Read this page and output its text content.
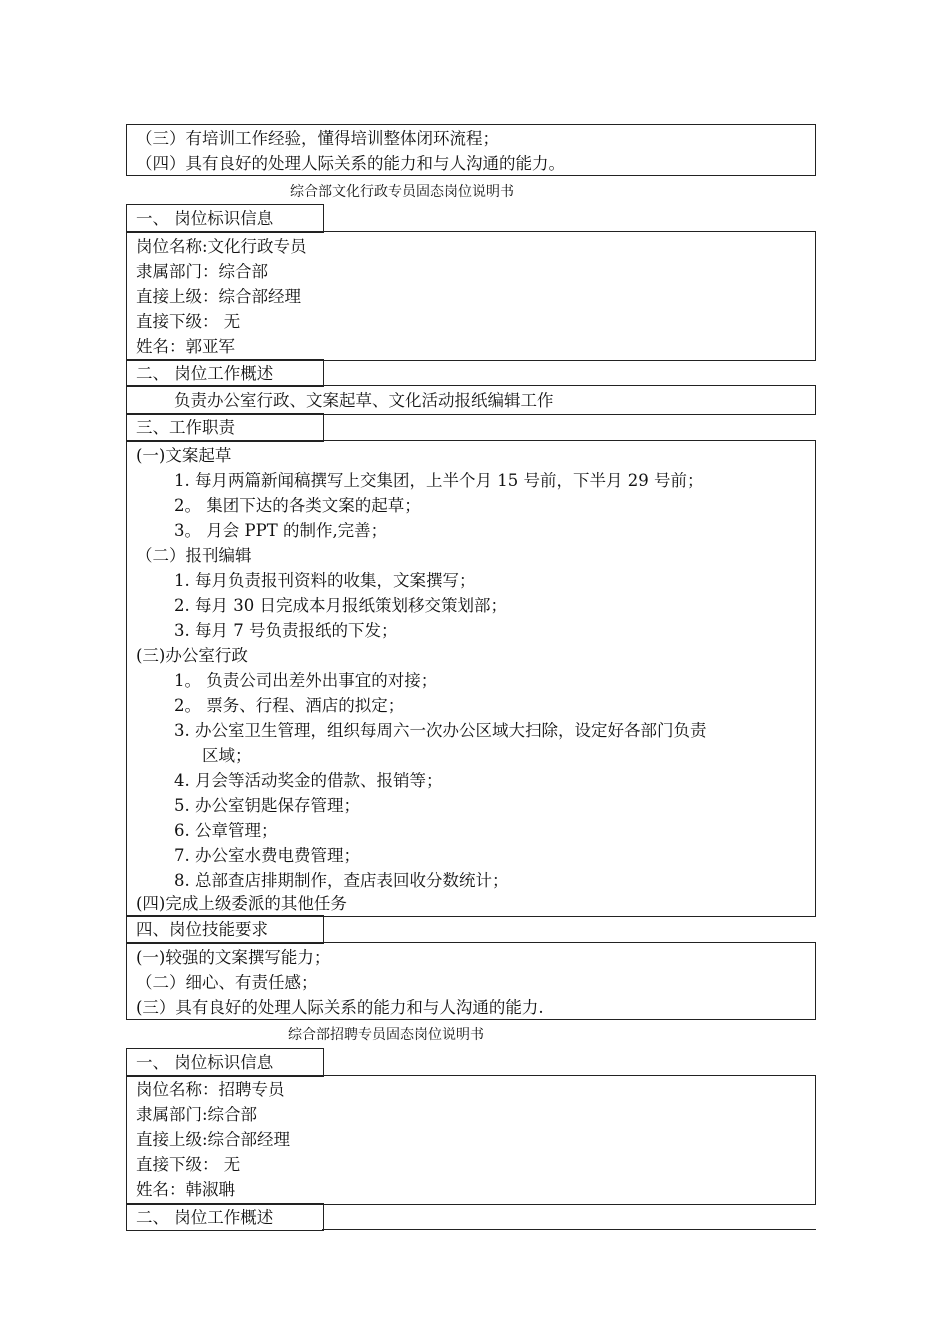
（三）有培训工作经验，懂得培训整体闭环流程；
（四）具有良好的处理人际关系的能力和与人沟通的能力。
综合部文化行政专员固态岗位说明书
一、 岗位标识信息
岗位名称:文化行政专员
隶属部门：综合部
直接上级：综合部经理
直接下级： 无
姓名：郭亚军
二、 岗位工作概述
负责办公室行政、文案起草、文化活动报纸编辑工作
三、工作职责
(一)文案起草
1. 每月两篇新闻稿撰写上交集团，上半个月 15 号前，下半月 29 号前；
2。 集团下达的各类文案的起草；
3。 月会 PPT 的制作,完善；
（二）报刊编辑
1. 每月负责报刊资料的收集，文案撰写；
2. 每月 30 日完成本月报纸策划移交策划部；
3. 每月 7 号负责报纸的下发；
(三)办公室行政
1。 负责公司出差外出事宜的对接；
2。 票务、行程、酒店的拟定；
3. 办公室卫生管理，组织每周六一次办公区域大扫除，设定好各部门负责
区域；
4. 月会等活动奖金的借款、报销等；
5. 办公室钥匙保存管理；
6. 公章管理；
7. 办公室水费电费管理；
8. 总部查店排期制作，查店表回收分数统计；
(四)完成上级委派的其他任务
四、岗位技能要求
(一)较强的文案撰写能力；
（二）细心、有责任感；
(三）具有良好的处理人际关系的能力和与人沟通的能力.
综合部招聘专员固态岗位说明书
一、 岗位标识信息
岗位名称：招聘专员
隶属部门:综合部
直接上级:综合部经理
直接下级： 无
姓名：韩淑聃
二、 岗位工作概述
